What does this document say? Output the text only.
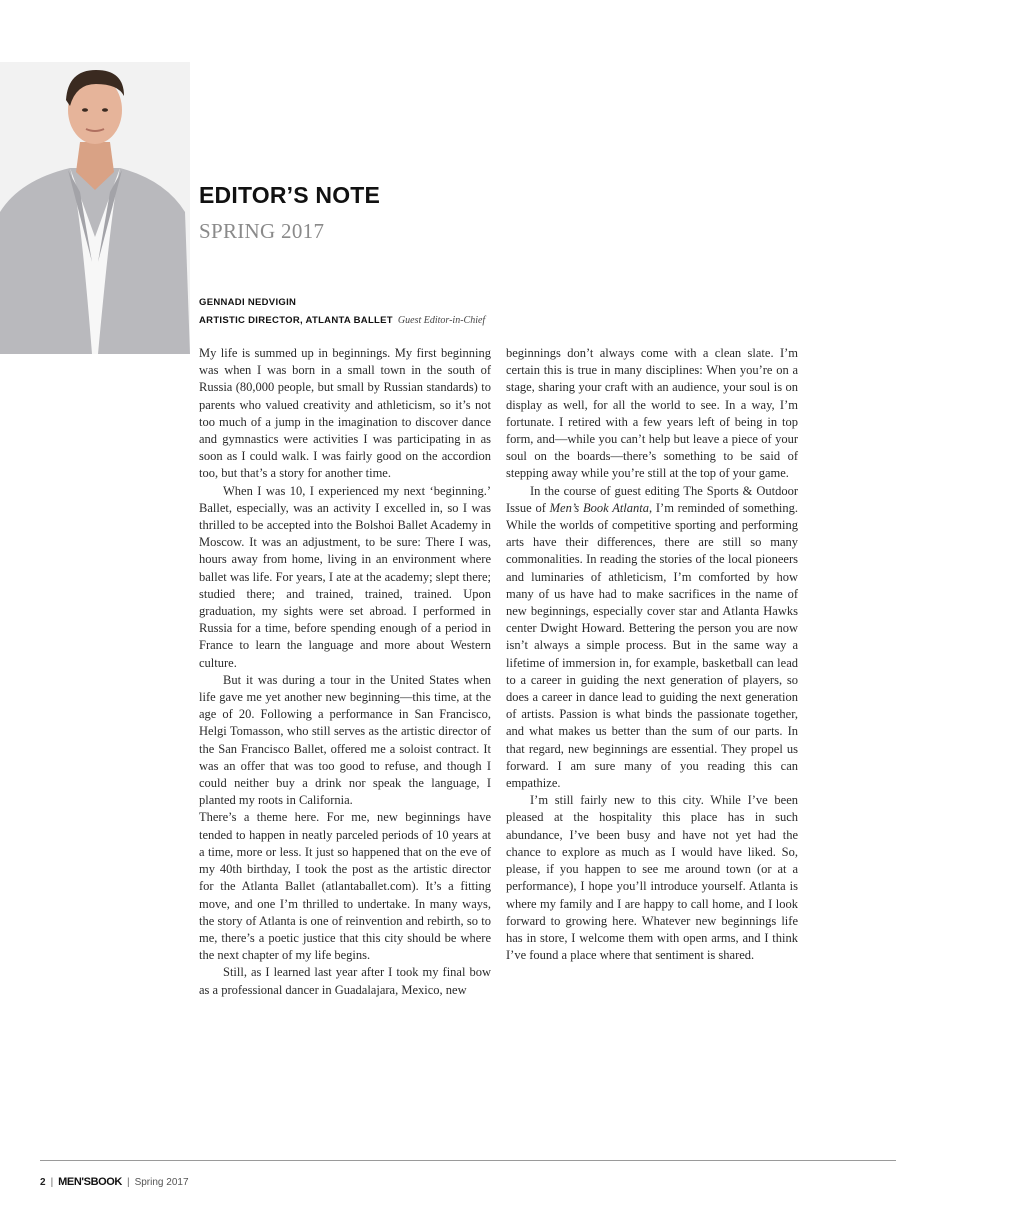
EDITOR’S NOTE
SPRING 2017
GENNADI NEDVIGIN
ARTISTIC DIRECTOR, ATLANTA BALLET Guest Editor-in-Chief

My life is summed up in beginnings. My first beginning was when I was born in a small town in the south of Russia (80,000 people, but small by Russian standards) to parents who valued creativity and athleticism, so it’s not too much of a jump in the imagination to discover dance and gymnastics were activities I was participating in as soon as I could walk. I was fairly good on the accordion too, but that’s a story for another time.

When I was 10, I experienced my next ‘beginning.’ Ballet, especially, was an activity I excelled in, so I was thrilled to be accepted into the Bolshoi Ballet Academy in Moscow. It was an adjustment, to be sure: There I was, hours away from home, living in an environment where ballet was life. For years, I ate at the academy; slept there; studied there; and trained, trained, trained. Upon graduation, my sights were set abroad. I performed in Russia for a time, before spending enough of a period in France to learn the language and more about Western culture.

But it was during a tour in the United States when life gave me yet another new beginning—this time, at the age of 20. Following a performance in San Francisco, Helgi Tomasson, who still serves as the artistic director of the San Francisco Ballet, offered me a soloist contract. It was an offer that was too good to refuse, and though I could neither buy a drink nor speak the language, I planted my roots in California.

There’s a theme here. For me, new beginnings have tended to happen in neatly parceled periods of 10 years at a time, more or less. It just so happened that on the eve of my 40th birthday, I took the post as the artistic director for the Atlanta Ballet (atlantaballet.com). It’s a fitting move, and one I’m thrilled to undertake. In many ways, the story of Atlanta is one of reinvention and rebirth, so to me, there’s a poetic justice that this city should be where the next chapter of my life begins.

Still, as I learned last year after I took my final bow as a professional dancer in Guadalajara, Mexico, new

beginnings don’t always come with a clean slate. I’m certain this is true in many disciplines: When you’re on a stage, sharing your craft with an audience, your soul is on display as well, for all the world to see. In a way, I’m fortunate. I retired with a few years left of being in top form, and—while you can’t help but leave a piece of your soul on the boards—there’s something to be said of stepping away while you’re still at the top of your game.

In the course of guest editing The Sports & Outdoor Issue of Men’s Book Atlanta, I’m reminded of something. While the worlds of competitive sporting and performing arts have their differences, there are still so many commonalities. In reading the stories of the local pioneers and luminaries of athleticism, I’m comforted by how many of us have had to make sacrifices in the name of new beginnings, especially cover star and Atlanta Hawks center Dwight Howard. Bettering the person you are now isn’t always a simple process. But in the same way a lifetime of immersion in, for example, basketball can lead to a career in guiding the next generation of players, so does a career in dance lead to guiding the next generation of artists. Passion is what binds the passionate together, and what makes us better than the sum of our parts. In that regard, new beginnings are essential. They propel us forward. I am sure many of you reading this can empathize.

I’m still fairly new to this city. While I’ve been pleased at the hospitality this place has in such abundance, I’ve been busy and have not yet had the chance to explore as much as I would have liked. So, please, if you happen to see me around town (or at a performance), I hope you’ll introduce yourself. Atlanta is where my family and I are happy to call home, and I look forward to growing here. Whatever new beginnings life has in store, I welcome them with open arms, and I think I’ve found a place where that sentiment is shared.

2 | MEN'SBOOK | Spring 2017
